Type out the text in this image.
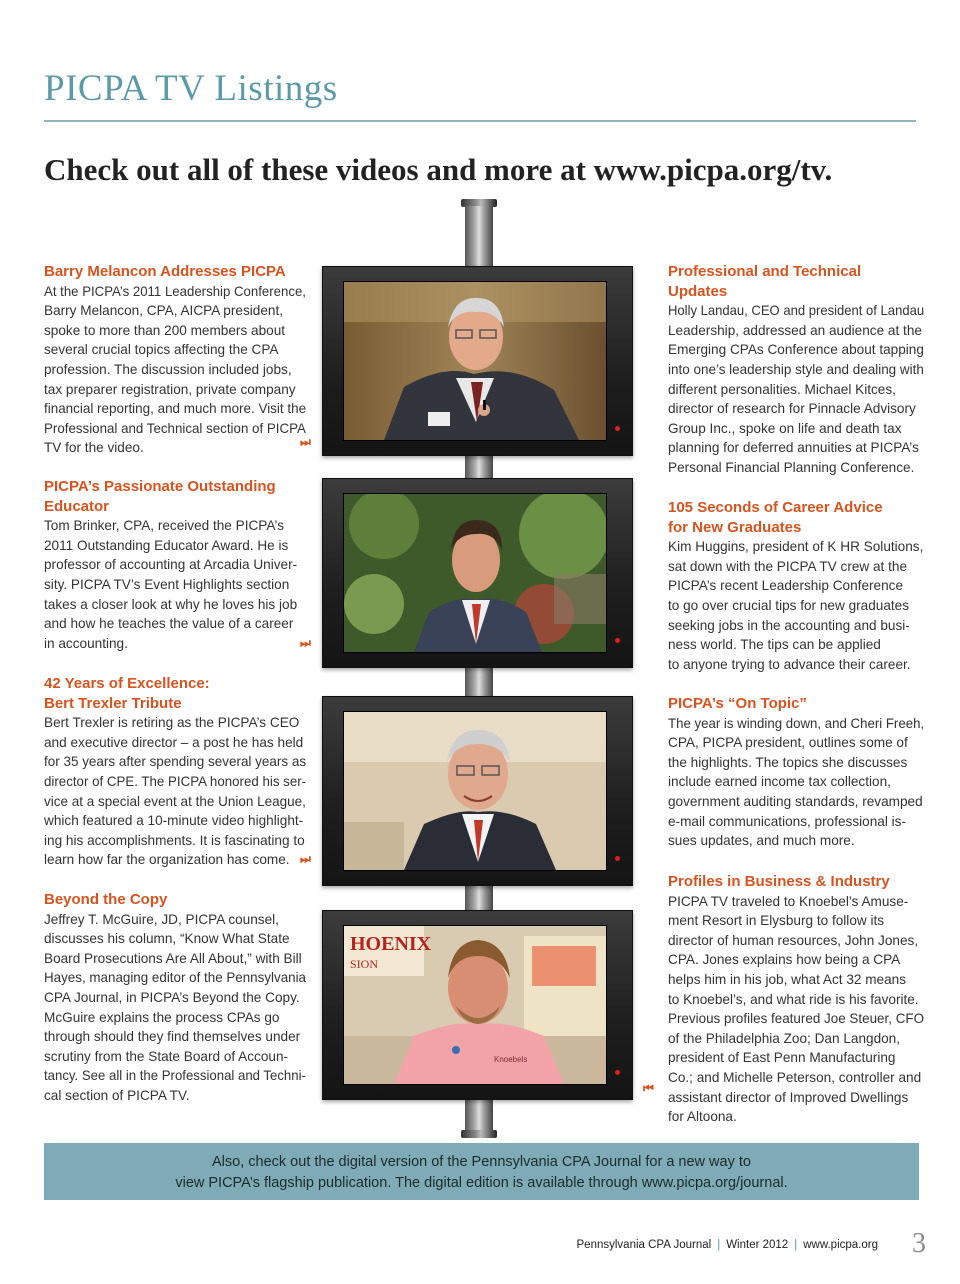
PICPA TV Listings
Check out all of these videos and more at www.picpa.org/tv.
Barry Melancon Addresses PICPA

At the PICPA’s 2011 Leadership Conference,
Barry Melancon, CPA, AICPA president,
spoke to more than 200 members about
several crucial topics affecting the CPA
profession. The discussion included jobs,
tax preparer registration, private company
financial reporting, and much more. Visit the
Professional and Technical section of PICPA
TV for the video.

PICPA’s Passionate Outstanding
Educator

Tom Brinker, CPA, received the PICPA’s
2011 Outstanding Educator Award. He is
professor of accounting at Arcadia Univer-
sity. PICPA TV’s Event Highlights section
takes a closer look at why he loves his job
and how he teaches the value of a career
in accounting.

42 Years of Excellence:
Bert Trexler Tribute

Bert Trexler is retiring as the PICPA’s CEO
and executive director – a post he has held
for 35 years after spending several years as
director of CPE. The PICPA honored his ser-
vice at a special event at the Union League,
which featured a 10-minute video highlight-
ing his accomplishments. It is fascinating to
learn how far the organization has come.

Beyond the Copy

Jeffrey T. McGuire, JD, PICPA counsel,
discusses his column, “Know What State
Board Prosecutions Are All About,” with Bill
Hayes, managing editor of the Pennsylvania
CPA Journal, in PICPA’s Beyond the Copy.
McGuire explains the process CPAs go
through should they find themselves under
scrutiny from the State Board of Accoun-
tancy. See all in the Professional and Techni-
cal section of PICPA TV.

⏭
⏭
⏭
Professional and Technical
Updates

Holly Landau, CEO and president of Landau
Leadership, addressed an audience at the
Emerging CPAs Conference about tapping
into one’s leadership style and dealing with
different personalities. Michael Kitces,
director of research for Pinnacle Advisory
Group Inc., spoke on life and death tax
planning for deferred annuities at PICPA’s
Personal Financial Planning Conference.

105 Seconds of Career Advice
for New Graduates

Kim Huggins, president of K HR Solutions,
sat down with the PICPA TV crew at the
PICPA’s recent Leadership Conference
to go over crucial tips for new graduates
seeking jobs in the accounting and busi-
ness world. The tips can be applied
to anyone trying to advance their career.

PICPA’s “On Topic”

The year is winding down, and Cheri Freeh,
CPA, PICPA president, outlines some of
the highlights. The topics she discusses
include earned income tax collection,
government auditing standards, revamped
e-mail communications, professional is-
sues updates, and much more.

Profiles in Business & Industry

PICPA TV traveled to Knoebel’s Amuse-
ment Resort in Elysburg to follow its
director of human resources, John Jones,
CPA. Jones explains how being a CPA
helps him in his job, what Act 32 means
to Knoebel’s, and what ride is his favorite.
Previous profiles featured Joe Steuer, CFO
of the Philadelphia Zoo; Dan Langdon,
president of East Penn Manufacturing
Co.; and Michelle Peterson, controller and
assistant director of Improved Dwellings
for Altoona.

⏮
HOENIX
SION
Knoebels
Also, check out the digital version of the Pennsylvania CPA Journal for a new way to
view PICPA’s flagship publication. The digital edition is available through www.picpa.org/journal.
Pennsylvania CPA Journal | Winter 2012 | www.picpa.org 3
